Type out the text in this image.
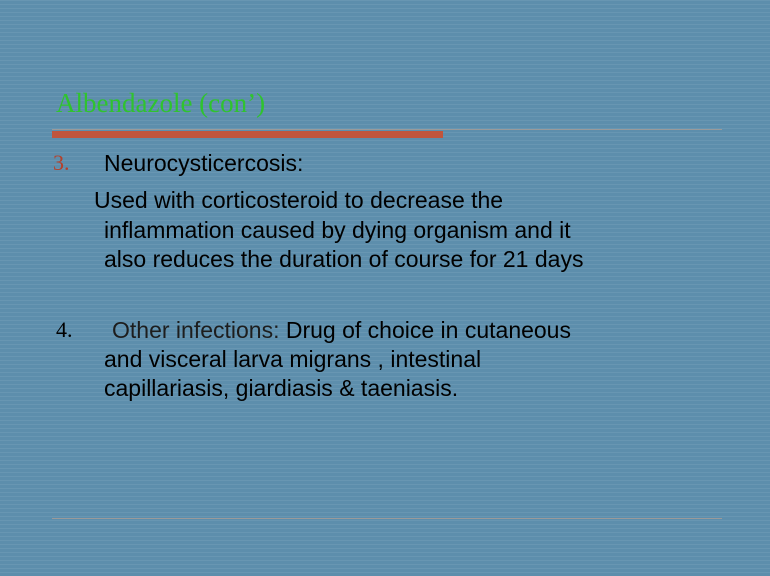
Albendazole (con’)
3. Neurocysticercosis:
Used with corticosteroid to decrease the
inflammation caused by dying organism and it
also reduces the duration of course for 21 days
4. Other infections: Drug of choice in cutaneous
and visceral larva migrans , intestinal
capillariasis, giardiasis & taeniasis.
